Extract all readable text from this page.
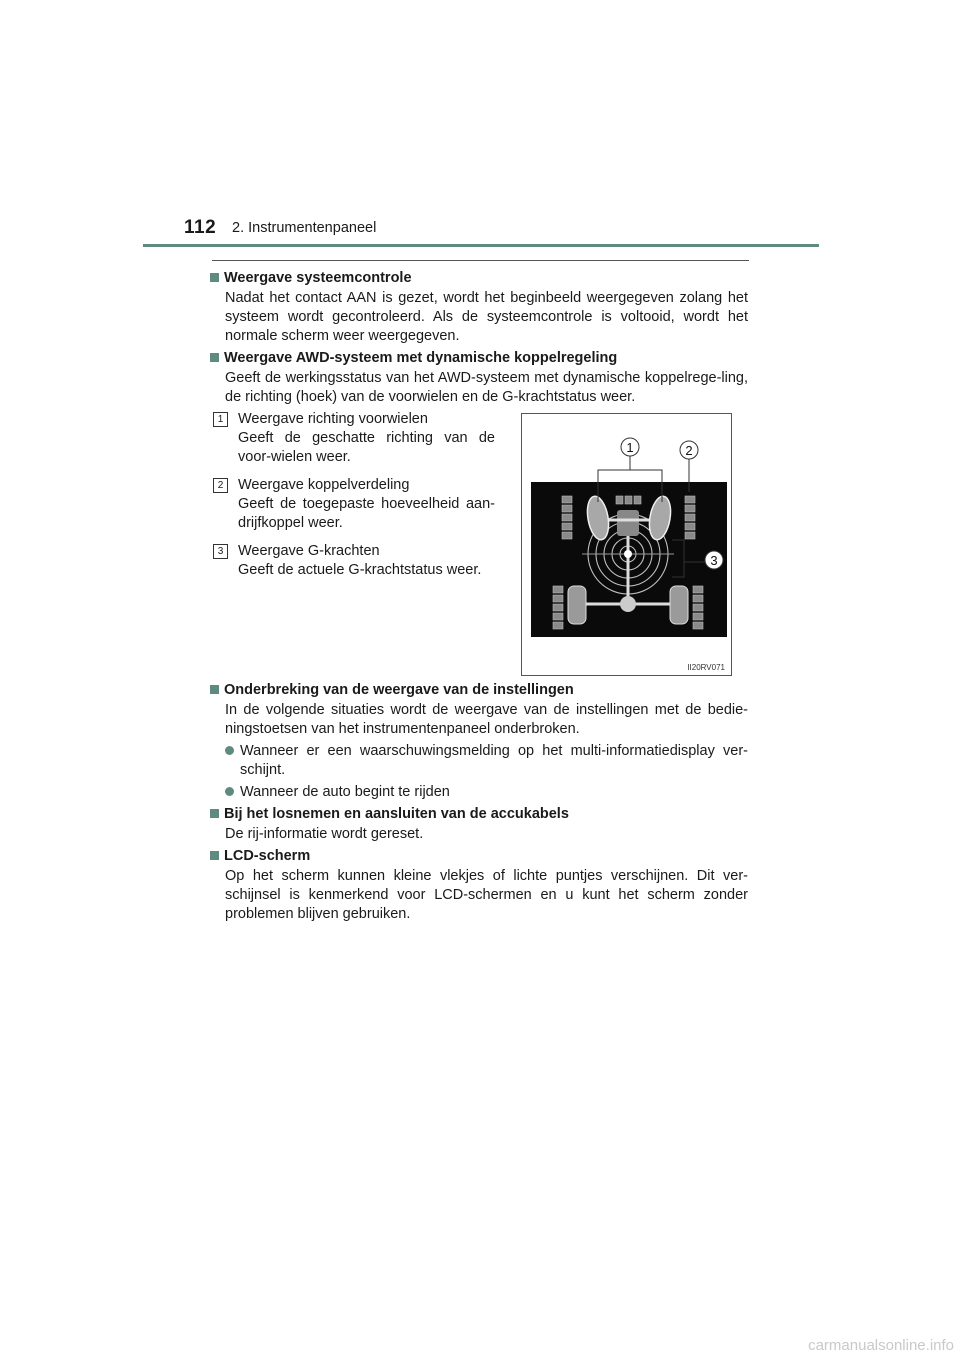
112 2. Instrumentenpaneel
Weergave systeemcontrole
Nadat het contact AAN is gezet, wordt het beginbeeld weergegeven zolang het systeem wordt gecontroleerd. Als de systeemcontrole is voltooid, wordt het normale scherm weer weergegeven.
Weergave AWD-systeem met dynamische koppelregeling
Geeft de werkingsstatus van het AWD-systeem met dynamische koppelrege-ling, de richting (hoek) van de voorwielen en de G-krachtstatus weer.
1	Weergave richting voorwielen
Geeft de geschatte richting van de voor-wielen weer.
2	Weergave koppelverdeling
Geeft de toegepaste hoeveelheid aan-drijfkoppel weer.
3	Weergave G-krachten
Geeft de actuele G-krachtstatus weer.
Onderbreking van de weergave van de instellingen
In de volgende situaties wordt de weergave van de instellingen met de bedie-ningstoetsen van het instrumentenpaneel onderbroken.
Wanneer er een waarschuwingsmelding op het multi-informatiedisplay ver-schijnt.
Wanneer de auto begint te rijden
Bij het losnemen en aansluiten van de accukabels
De rij-informatie wordt gereset.
LCD-scherm
Op het scherm kunnen kleine vlekjes of lichte puntjes verschijnen. Dit ver-schijnsel is kenmerkend voor LCD-schermen en u kunt het scherm zonder problemen blijven gebruiken.
1	2
3
II20RV071
carmanualsonline.info
